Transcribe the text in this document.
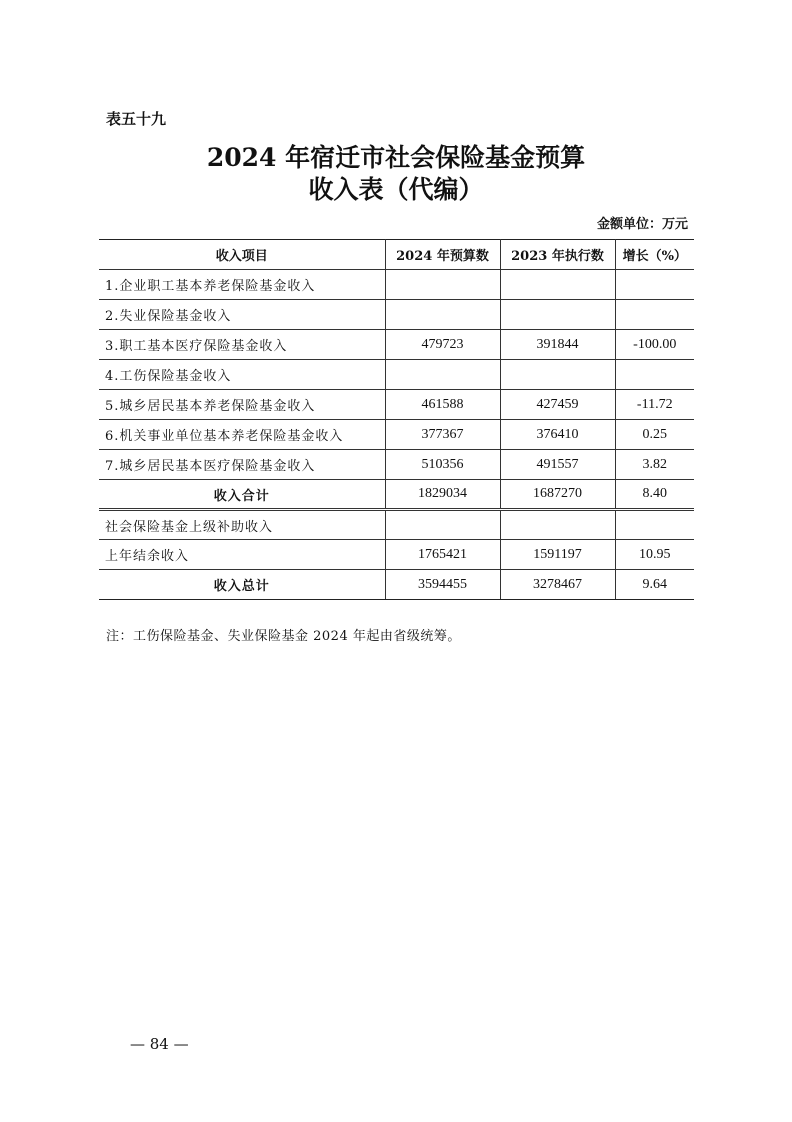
表五十九
2024 年宿迁市社会保险基金预算
收入表（代编）
金额单位：万元
收入项目	2024 年预算数	2023 年执行数	增长（%）
1.企业职工基本养老保险基金收入			
2.失业保险基金收入			
3.职工基本医疗保险基金收入	479723	391844	-100.00
4.工伤保险基金收入			
5.城乡居民基本养老保险基金收入	461588	427459	-11.72
6.机关事业单位基本养老保险基金收入	377367	376410	0.25
7.城乡居民基本医疗保险基金收入	510356	491557	3.82
收入合计	1829034	1687270	8.40
社会保险基金上级补助收入			
上年结余收入	1765421	1591197	10.95
收入总计	3594455	3278467	9.64
注：工伤保险基金、失业保险基金 2024 年起由省级统筹。
— 84 —
